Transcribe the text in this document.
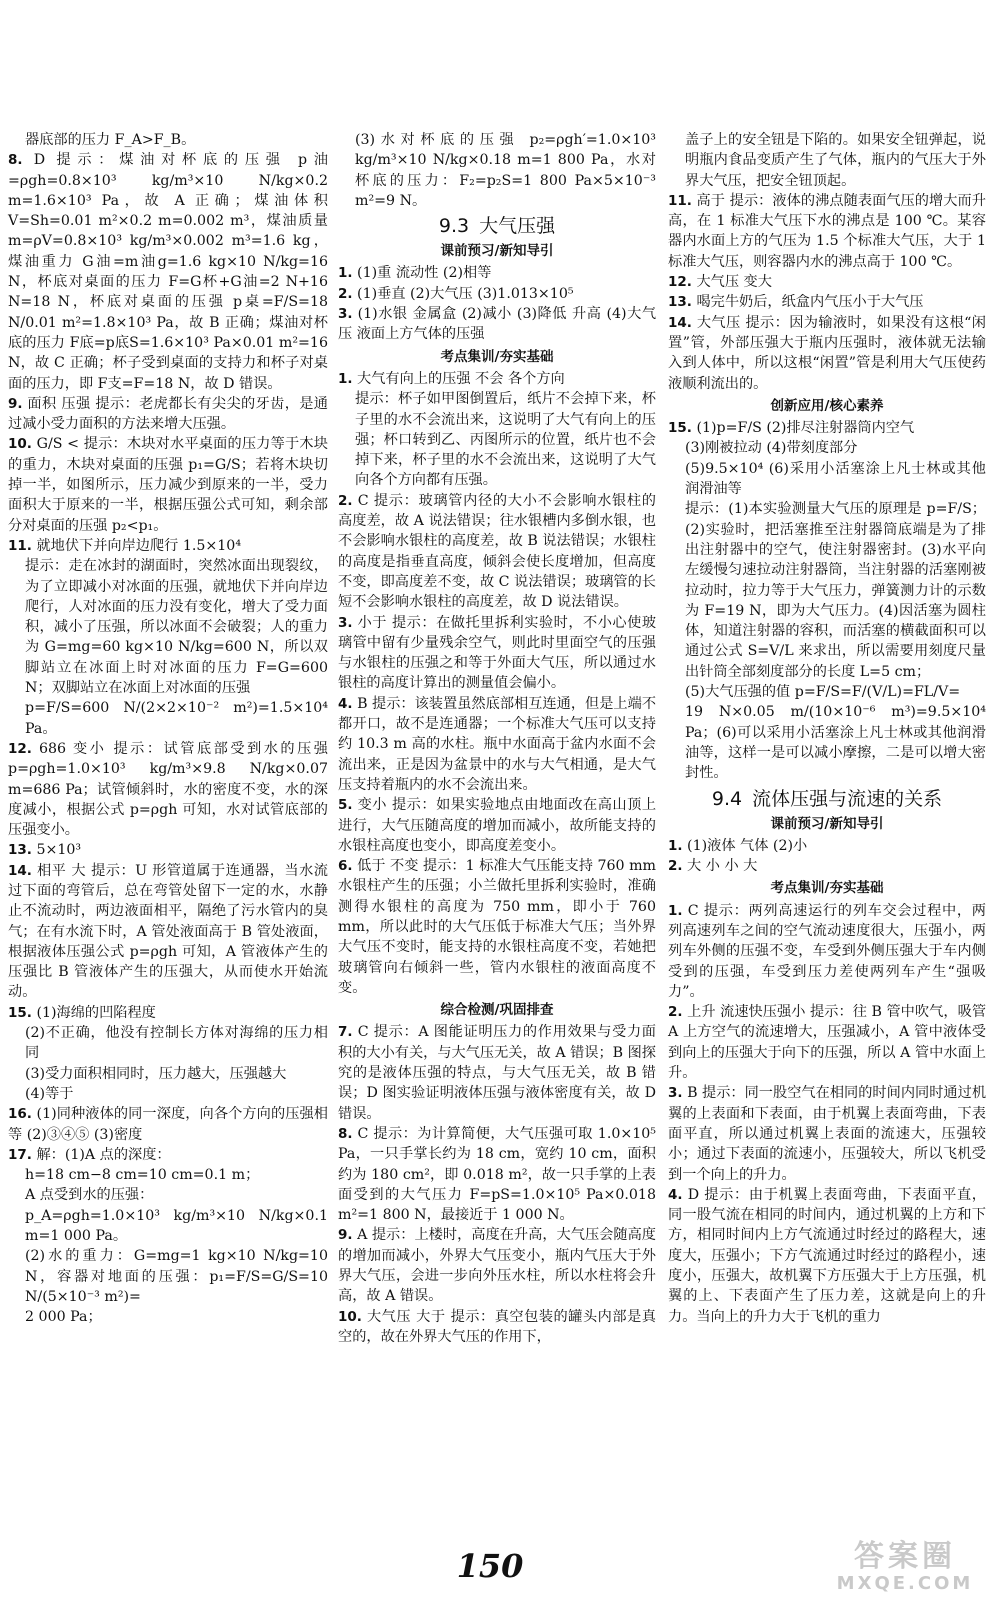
器底部的压力 F_A>F_B。

8. D 提示：煤油对杯底的压强 p油=ρgh=0.8×10³ kg/m³×10 N/kg×0.2 m=1.6×10³ Pa，故 A 正确；煤油体积 V=Sh=0.01 m²×0.2 m=0.002 m³，煤油质量 m=ρV=0.8×10³ kg/m³×0.002 m³=1.6 kg，煤油重力 G油=m油g=1.6 kg×10 N/kg=16 N，杯底对桌面的压力 F=G杯+G油=2 N+16 N=18 N，杯底对桌面的压强 p桌=F/S=18 N/0.01 m²=1.8×10³ Pa，故 B 正确；煤油对杯底的压力 F底=p底S=1.6×10³ Pa×0.01 m²=16 N，故 C 正确；杯子受到桌面的支持力和杯子对桌面的压力，即 F支=F=18 N，故 D 错误。

9. 面积 压强 提示：老虎都长有尖尖的牙齿，是通过减小受力面积的方法来增大压强。

10. G/S < 提示：木块对水平桌面的压力等于木块的重力，木块对桌面的压强 p₁=G/S；若将木块切掉一半，如图所示，压力减少到原来的一半，受力面积大于原来的一半，根据压强公式可知，剩余部分对桌面的压强 p₂<p₁。

11. 就地伏下并向岸边爬行 1.5×10⁴

提示：走在冰封的湖面时，突然冰面出现裂纹，为了立即减小对冰面的压强，就地伏下并向岸边爬行，人对冰面的压力没有变化，增大了受力面积，减小了压强，所以冰面不会破裂；人的重力为 G=mg=60 kg×10 N/kg=600 N，所以双脚站立在冰面上时对冰面的压力 F=G=600 N；双脚站立在冰面上对冰面的压强

p=F/S=600 N/(2×2×10⁻² m²)=1.5×10⁴ Pa。

12. 686 变小 提示：试管底部受到水的压强 p=ρgh=1.0×10³ kg/m³×9.8 N/kg×0.07 m=686 Pa；试管倾斜时，水的密度不变，水的深度减小，根据公式 p=ρgh 可知，水对试管底部的压强变小。

13. 5×10³

14. 相平 大 提示：U 形管道属于连通器，当水流过下面的弯管后，总在弯管处留下一定的水，水静止不流动时，两边液面相平，隔绝了污水管内的臭气；在有水流下时，A 管处液面高于 B 管处液面，根据液体压强公式 p=ρgh 可知，A 管液体产生的压强比 B 管液体产生的压强大，从而使水开始流动。

15. (1)海绵的凹陷程度

(2)不正确，他没有控制长方体对海绵的压力相同

(3)受力面积相同时，压力越大，压强越大

(4)等于

16. (1)同种液体的同一深度，向各个方向的压强相等 (2)③④⑤ (3)密度

17. 解：(1)A 点的深度：

h=18 cm−8 cm=10 cm=0.1 m；

A 点受到水的压强：

p_A=ρgh=1.0×10³ kg/m³×10 N/kg×0.1 m=1 000 Pa。

(2)水的重力：G=mg=1 kg×10 N/kg=10 N，容器对地面的压强：p₁=F/S=G/S=10 N/(5×10⁻³ m²)=

2 000 Pa；

(3)水对杯底的压强 p₂=ρgh′=1.0×10³ kg/m³×10 N/kg×0.18 m=1 800 Pa，水对杯底的压力：F₂=p₂S=1 800 Pa×5×10⁻³ m²=9 N。

9.3 大气压强

课前预习/新知导引

1. (1)重 流动性 (2)相等

2. (1)垂直 (2)大气压 (3)1.013×10⁵

3. (1)水银 金属盒 (2)减小 (3)降低 升高 (4)大气压 液面上方气体的压强

考点集训/夯实基础

1. 大气有向上的压强 不会 各个方向

提示：杯子如甲图倒置后，纸片不会掉下来，杯子里的水不会流出来，这说明了大气有向上的压强；杯口转到乙、丙图所示的位置，纸片也不会掉下来，杯子里的水不会流出来，这说明了大气向各个方向都有压强。

2. C 提示：玻璃管内径的大小不会影响水银柱的高度差，故 A 说法错误；往水银槽内多倒水银，也不会影响水银柱的高度差，故 B 说法错误；水银柱的高度是指垂直高度，倾斜会使长度增加，但高度不变，即高度差不变，故 C 说法错误；玻璃管的长短不会影响水银柱的高度差，故 D 说法错误。

3. 小于 提示：在做托里拆利实验时，不小心使玻璃管中留有少量残余空气，则此时里面空气的压强与水银柱的压强之和等于外面大气压，所以通过水银柱的高度计算出的测量值会偏小。

4. B 提示：该装置虽然底部相互连通，但是上端不都开口，故不是连通器；一个标准大气压可以支持约 10.3 m 高的水柱。瓶中水面高于盆内水面不会流出来，正是因为盆景中的水与大气相通，是大气压支持着瓶内的水不会流出来。

5. 变小 提示：如果实验地点由地面改在高山顶上进行，大气压随高度的增加而减小，故所能支持的水银柱高度也变小，即高度差变小。

6. 低于 不变 提示：1 标准大气压能支持 760 mm 水银柱产生的压强；小兰做托里拆利实验时，准确测得水银柱的高度为 750 mm，即小于 760 mm，所以此时的大气压低于标准大气压；当外界大气压不变时，能支持的水银柱高度不变，若她把玻璃管向右倾斜一些，管内水银柱的液面高度不变。

综合检测/巩固排查

7. C 提示：A 图能证明压力的作用效果与受力面积的大小有关，与大气压无关，故 A 错误；B 图探究的是液体压强的特点，与大气压无关，故 B 错误；D 图实验证明液体压强与液体密度有关，故 D 错误。

8. C 提示：为计算简便，大气压强可取 1.0×10⁵ Pa，一只手掌长约为 18 cm，宽约 10 cm，面积约为 180 cm²，即 0.018 m²，故一只手掌的上表面受到的大气压力 F=pS=1.0×10⁵ Pa×0.018 m²=1 800 N，最接近于 1 000 N。

9. A 提示：上楼时，高度在升高，大气压会随高度的增加而减小，外界大气压变小，瓶内气压大于外界大气压，会进一步向外压水柱，所以水柱将会升高，故 A 错误。

10. 大气压 大于 提示：真空包装的罐头内部是真空的，故在外界大气压的作用下，

盖子上的安全钮是下陷的。如果安全钮弹起，说明瓶内食品变质产生了气体，瓶内的气压大于外界大气压，把安全钮顶起。

11. 高于 提示：液体的沸点随表面气压的增大而升高，在 1 标准大气压下水的沸点是 100 ℃。某容器内水面上方的气压为 1.5 个标准大气压，大于 1 标准大气压，则容器内水的沸点高于 100 ℃。

12. 大气压 变大

13. 喝完牛奶后，纸盒内气压小于大气压

14. 大气压 提示：因为输液时，如果没有这根“闲置”管，外部压强大于瓶内压强时，液体就无法输入到人体中，所以这根“闲置”管是利用大气压使药液顺利流出的。

创新应用/核心素养

15. (1)p=F/S (2)排尽注射器筒内空气

(3)刚被拉动 (4)带刻度部分

(5)9.5×10⁴ (6)采用小活塞涂上凡士林或其他润滑油等

提示：(1)本实验测量大气压的原理是 p=F/S；(2)实验时，把活塞推至注射器筒底端是为了排出注射器中的空气，使注射器密封。(3)水平向左缓慢匀速拉动注射器筒，当注射器的活塞刚被拉动时，拉力等于大气压力，弹簧测力计的示数为 F=19 N，即为大气压力。(4)因活塞为圆柱体，知道注射器的容积，而活塞的横截面积可以通过公式 S=V/L 来求出，所以需要用刻度尺量出针筒全部刻度部分的长度 L=5 cm；

(5)大气压强的值 p=F/S=F/(V/L)=FL/V=

19 N×0.05 m/(10×10⁻⁶ m³)=9.5×10⁴ Pa；(6)可以采用小活塞涂上凡士林或其他润滑油等，这样一是可以减小摩擦，二是可以增大密封性。

9.4 流体压强与流速的关系

课前预习/新知导引

1. (1)液体 气体 (2)小

2. 大 小 小 大

考点集训/夯实基础

1. C 提示：两列高速运行的列车交会过程中，两列高速列车之间的空气流动速度很大，压强小，两列车外侧的压强不变，车受到外侧压强大于车内侧受到的压强，车受到压力差使两列车产生“强吸力”。

2. 上升 流速快压强小 提示：往 B 管中吹气，吸管 A 上方空气的流速增大，压强减小，A 管中液体受到向上的压强大于向下的压强，所以 A 管中水面上升。

3. B 提示：同一股空气在相同的时间内同时通过机翼的上表面和下表面，由于机翼上表面弯曲，下表面平直，所以通过机翼上表面的流速大，压强较小；通过下表面的流速小，压强较大，所以飞机受到一个向上的升力。

4. D 提示：由于机翼上表面弯曲，下表面平直，同一股气流在相同的时间内，通过机翼的上方和下方，相同时间内上方气流通过时经过的路程大，速度大，压强小；下方气流通过时经过的路程小，速度小，压强大，故机翼下方压强大于上方压强，机翼的上、下表面产生了压力差，这就是向上的升力。当向上的升力大于飞机的重力

150	答案圈
MXQE.COM
